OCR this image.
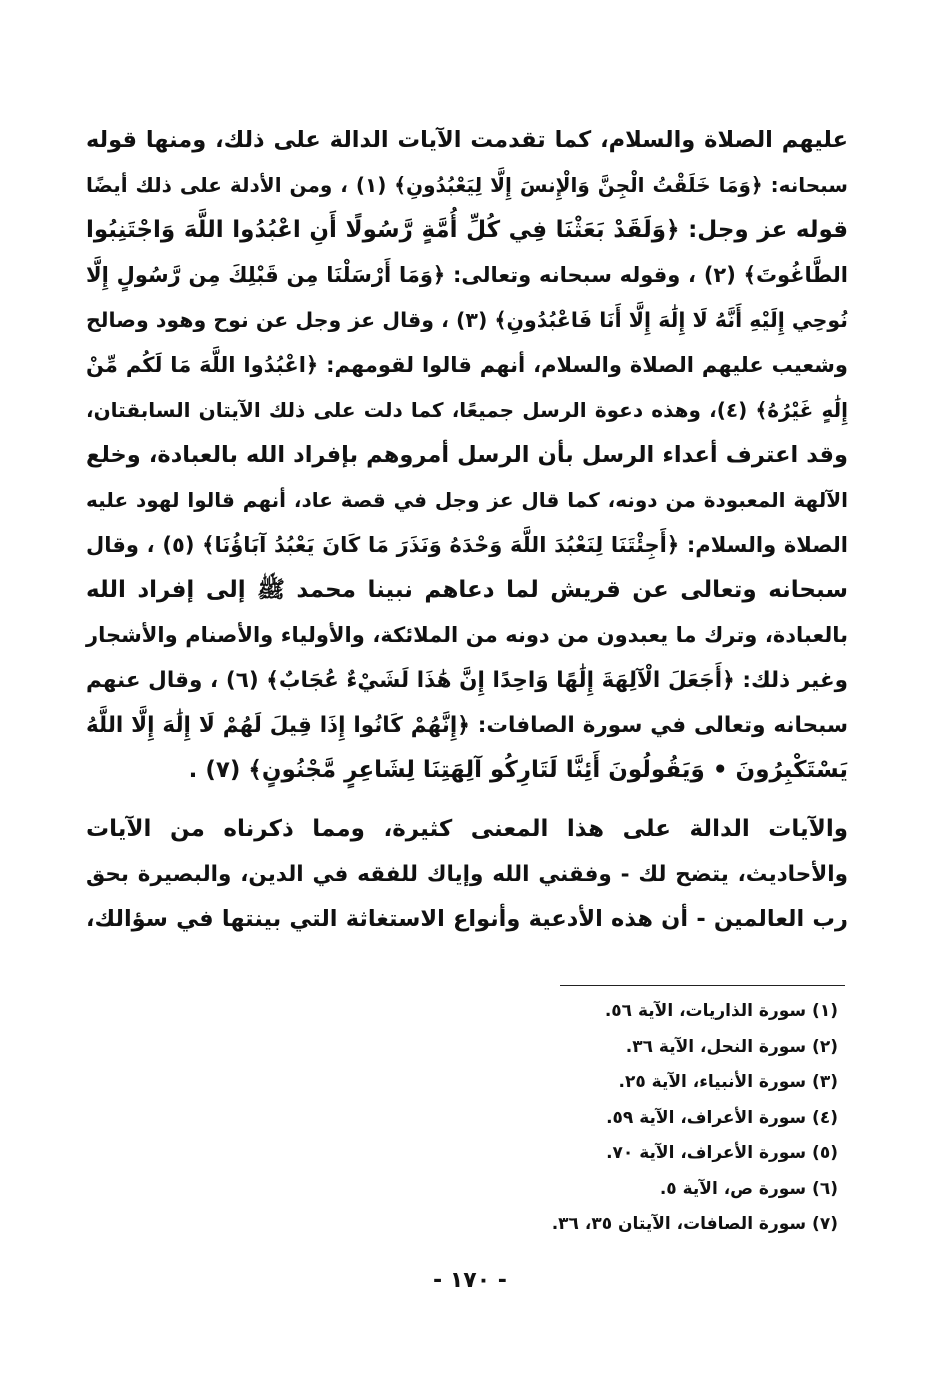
عليهم الصلاة والسلام، كما تقدمت الآيات الدالة على ذلك، ومنها قوله
سبحانه: ﴿وَمَا خَلَقْتُ الْجِنَّ وَالْإِنسَ إِلَّا لِيَعْبُدُونِ﴾ (١) ، ومن الأدلة على ذلك أيضًا
قوله عز وجل: ﴿وَلَقَدْ بَعَثْنَا فِي كُلِّ أُمَّةٍ رَّسُولًا أَنِ اعْبُدُوا اللَّهَ وَاجْتَنِبُوا
الطَّاغُوتَ﴾ (٢) ، وقوله سبحانه وتعالى: ﴿وَمَا أَرْسَلْنَا مِن قَبْلِكَ مِن رَّسُولٍ إِلَّا
نُوحِي إِلَيْهِ أَنَّهُ لَا إِلَٰهَ إِلَّا أَنَا فَاعْبُدُونِ﴾ (٣) ، وقال عز وجل عن نوح وهود وصالح
وشعيب عليهم الصلاة والسلام، أنهم قالوا لقومهم: ﴿اعْبُدُوا اللَّهَ مَا لَكُم مِّنْ
إِلَٰهٍ غَيْرُهُ﴾ (٤)، وهذه دعوة الرسل جميعًا، كما دلت على ذلك الآيتان السابقتان،
وقد اعترف أعداء الرسل بأن الرسل أمروهم بإفراد الله بالعبادة، وخلع
الآلهة المعبودة من دونه، كما قال عز وجل في قصة عاد، أنهم قالوا لهود عليه
الصلاة والسلام: ﴿أَجِئْتَنَا لِنَعْبُدَ اللَّهَ وَحْدَهُ وَنَذَرَ مَا كَانَ يَعْبُدُ آبَاؤُنَا﴾ (٥) ، وقال
سبحانه وتعالى عن قريش لما دعاهم نبينا محمد ﷺ إلى إفراد الله
بالعبادة، وترك ما يعبدون من دونه من الملائكة، والأولياء والأصنام والأشجار
وغير ذلك: ﴿أَجَعَلَ الْآلِهَةَ إِلَٰهًا وَاحِدًا إِنَّ هَٰذَا لَشَيْءٌ عُجَابٌ﴾ (٦) ، وقال عنهم
سبحانه وتعالى في سورة الصافات: ﴿إِنَّهُمْ كَانُوا إِذَا قِيلَ لَهُمْ لَا إِلَٰهَ إِلَّا اللَّهُ
يَسْتَكْبِرُونَ • وَيَقُولُونَ أَئِنَّا لَتَارِكُو آلِهَتِنَا لِشَاعِرٍ مَّجْنُونٍ﴾ (٧) .
والآيات الدالة على هذا المعنى كثيرة، ومما ذكرناه من الآيات
والأحاديث، يتضح لك - وفقني الله وإياك للفقه في الدين، والبصيرة بحق
رب العالمين - أن هذه الأدعية وأنواع الاستغاثة التي بينتها في سؤالك،
(١) سورة الذاريات، الآية ٥٦.
(٢) سورة النحل، الآية ٣٦.
(٣) سورة الأنبياء، الآية ٢٥.
(٤) سورة الأعراف، الآية ٥٩.
(٥) سورة الأعراف، الآية ٧٠.
(٦) سورة ص، الآية ٥.
(٧) سورة الصافات، الآيتان ٣٥، ٣٦.
- ١٧٠ -
